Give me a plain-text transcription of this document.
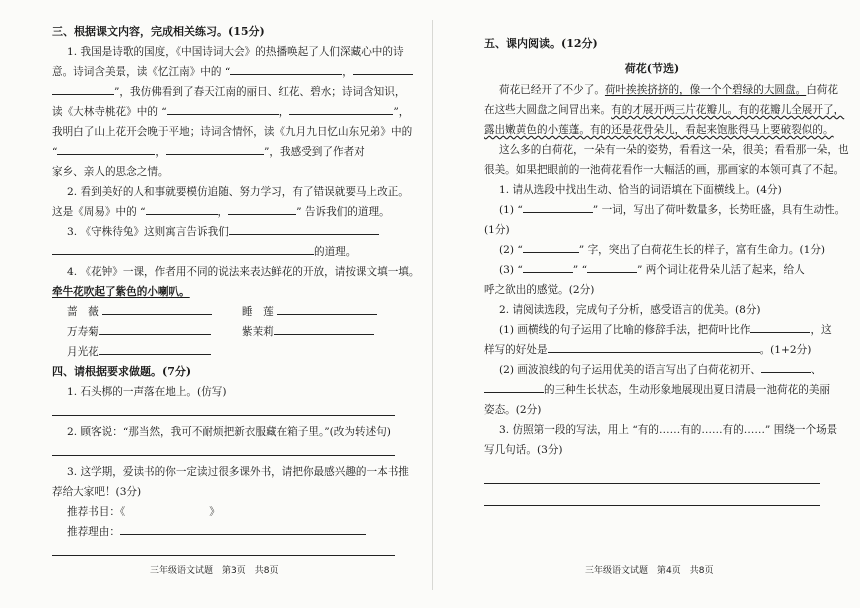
三、根据课文内容，完成相关练习。(15分)
1. 我国是诗歌的国度，《中国诗词大会》的热播唤起了人们深藏心中的诗
意。诗词含美景，读《忆江南》中的 “	，
”，我仿佛看到了春天江南的丽日、红花、碧水；诗词含知识，
读《大林寺桃花》中的 “	，	”，
我明白了山上花开会晚于平地；诗词含情怀，读《九月九日忆山东兄弟》中的
“	，	”，我感受到了作者对
家乡、亲人的思念之情。
2. 看到美好的人和事就要模仿追随、努力学习，有了错误就要马上改正。
这是《周易》中的 “	，	” 告诉我们的道理。
3. 《守株待兔》这则寓言告诉我们
的道理。
4. 《花钟》一课，作者用不同的说法来表达鲜花的开放，请按课文填一填。
牵牛花吹起了紫色的小喇叭。
蔷　薇	睡　莲
万寿菊	紫茉莉
月光花
四、请根据要求做题。(7分)
1. 石头梆的一声落在地上。(仿写)
2. 顾客说：“那当然，我可不耐烦把新衣服藏在箱子里。”(改为转述句)
3. 这学期，爱读书的你一定读过很多课外书，请把你最感兴趣的一本书推
荐给大家吧！(3分)
推荐书目：《	》
推荐理由：
三年级语文试题　第3页　共8页
五、课内阅读。(12分)
荷花(节选)
荷花已经开了不少了。荷叶挨挨挤挤的，像一个个碧绿的大圆盘。白荷花
在这些大圆盘之间冒出来。有的才展开两三片花瓣儿。有的花瓣儿全展开了，
露出嫩黄色的小莲蓬。有的还是花骨朵儿，看起来饱胀得马上要破裂似的。
这么多的白荷花，一朵有一朵的姿势，看看这一朵，很美；看看那一朵，也
很美。如果把眼前的一池荷花看作一大幅活的画，那画家的本领可真了不起。
1. 请从选段中找出生动、恰当的词语填在下面横线上。(4分)
(1) “	” 一词，写出了荷叶数量多，长势旺盛，具有生动性。
(1分)
(2) “	” 字，突出了白荷花生长的样子，富有生命力。(1分)
(3) “	” “	” 两个词让花骨朵儿活了起来，给人
呼之欲出的感觉。(2分)
2. 请阅读选段，完成句子分析，感受语言的优美。(8分)
(1) 画横线的句子运用了比喻的修辞手法，把荷叶比作	，这
样写的好处是	。(1+2分)
(2) 画波浪线的句子运用优美的语言写出了白荷花初开、	、
的三种生长状态，生动形象地展现出夏日清晨一池荷花的美丽
姿态。(2分)
3. 仿照第一段的写法，用上 “有的……有的……有的……” 围绕一个场景
写几句话。(3分)
三年级语文试题　第4页　共8页
